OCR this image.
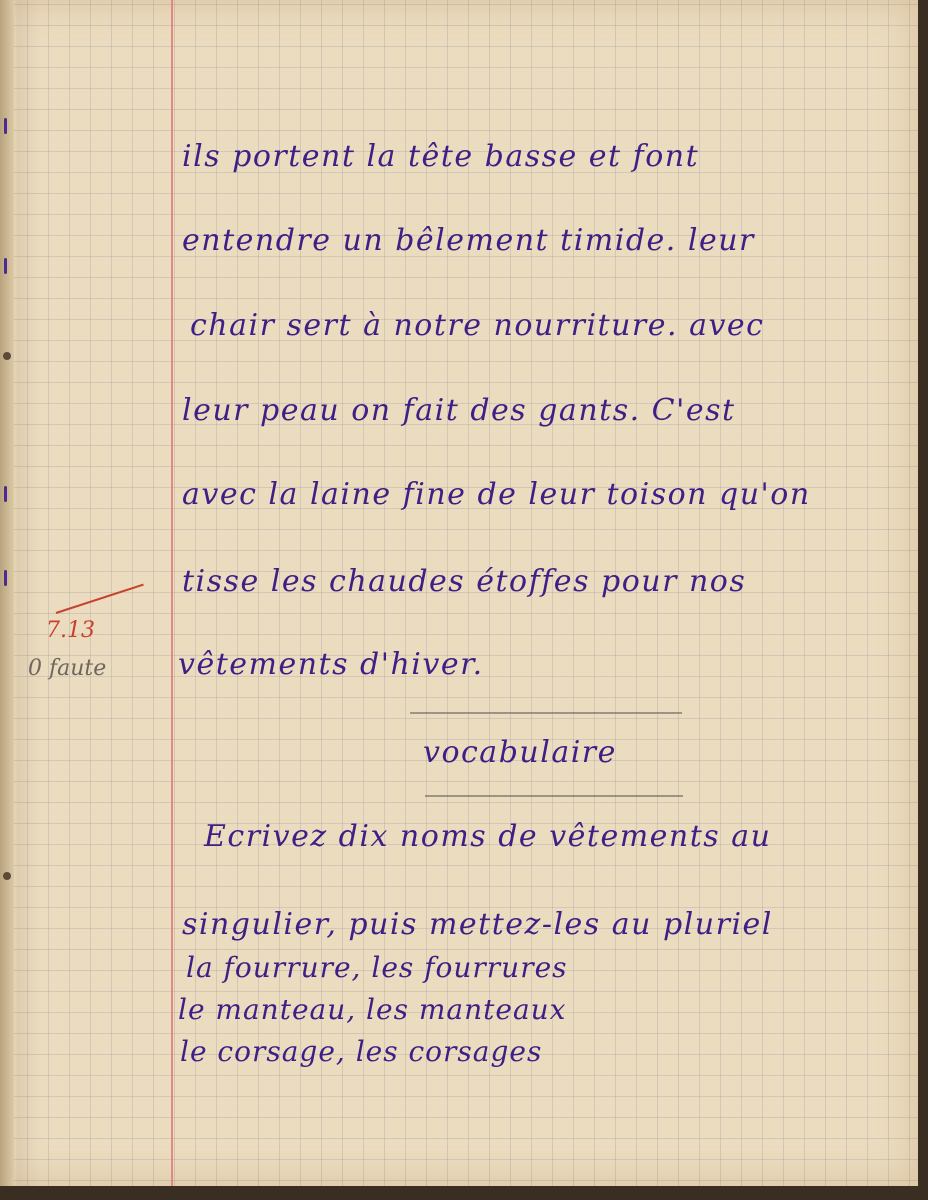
7.13
0 faute
ils portent la tête basse et font
entendre un bêlement timide. leur
chair sert à notre nourriture. avec
leur peau on fait des gants. C'est
avec la laine fine de leur toison qu'on
tisse les chaudes étoffes pour nos
vêtements d'hiver.
vocabulaire
Ecrivez dix noms de vêtements au
singulier, puis mettez-les au pluriel
la fourrure, les fourrures
le manteau, les manteaux
le corsage, les corsages
